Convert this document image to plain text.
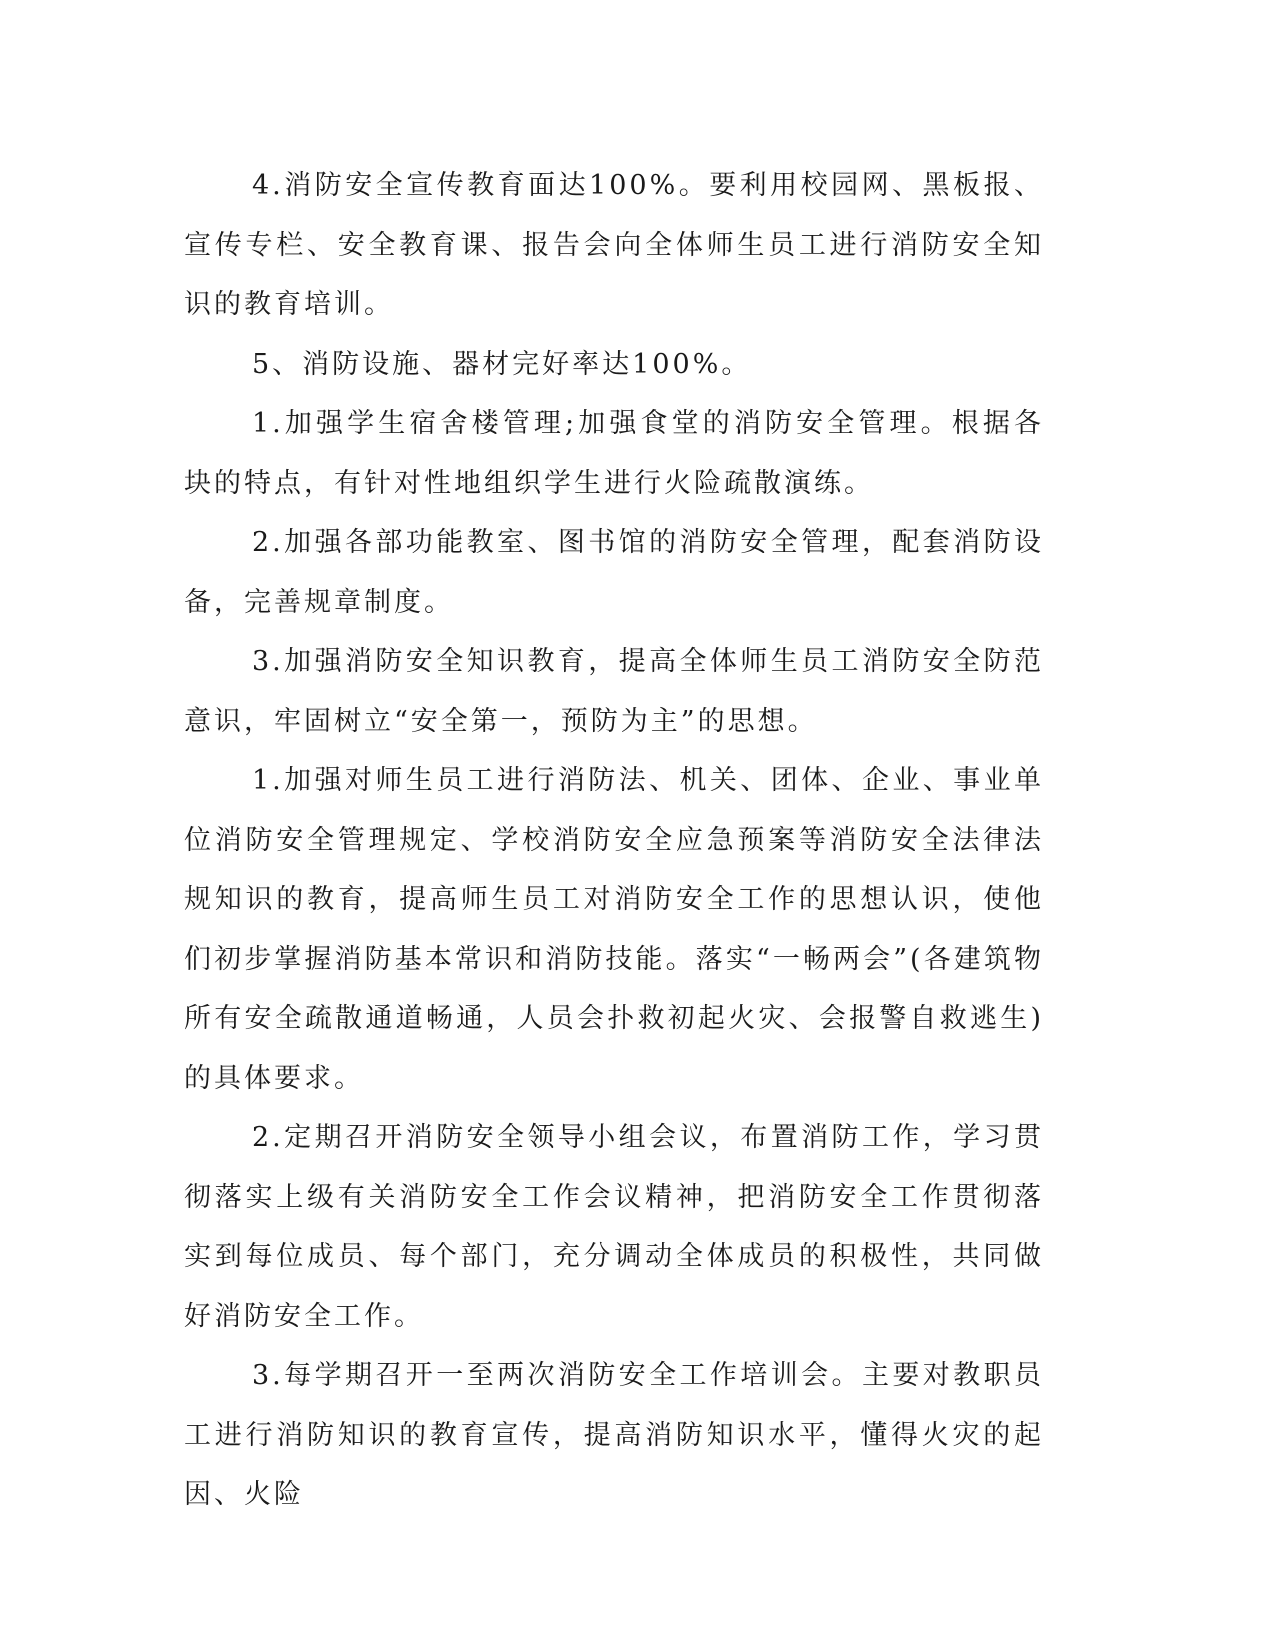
4.消防安全宣传教育面达100%。要利用校园网、黑板报、宣传专栏、安全教育课、报告会向全体师生员工进行消防安全知识的教育培训。

5、消防设施、器材完好率达100%。

1.加强学生宿舍楼管理;加强食堂的消防安全管理。根据各块的特点，有针对性地组织学生进行火险疏散演练。

2.加强各部功能教室、图书馆的消防安全管理，配套消防设备，完善规章制度。

3.加强消防安全知识教育，提高全体师生员工消防安全防范意识，牢固树立“安全第一，预防为主”的思想。

1.加强对师生员工进行消防法、机关、团体、企业、事业单位消防安全管理规定、学校消防安全应急预案等消防安全法律法规知识的教育，提高师生员工对消防安全工作的思想认识，使他们初步掌握消防基本常识和消防技能。落实“一畅两会”(各建筑物所有安全疏散通道畅通，人员会扑救初起火灾、会报警自救逃生)的具体要求。

2.定期召开消防安全领导小组会议，布置消防工作，学习贯彻落实上级有关消防安全工作会议精神，把消防安全工作贯彻落实到每位成员、每个部门，充分调动全体成员的积极性，共同做好消防安全工作。

3.每学期召开一至两次消防安全工作培训会。主要对教职员工进行消防知识的教育宣传，提高消防知识水平，懂得火灾的起因、火险
